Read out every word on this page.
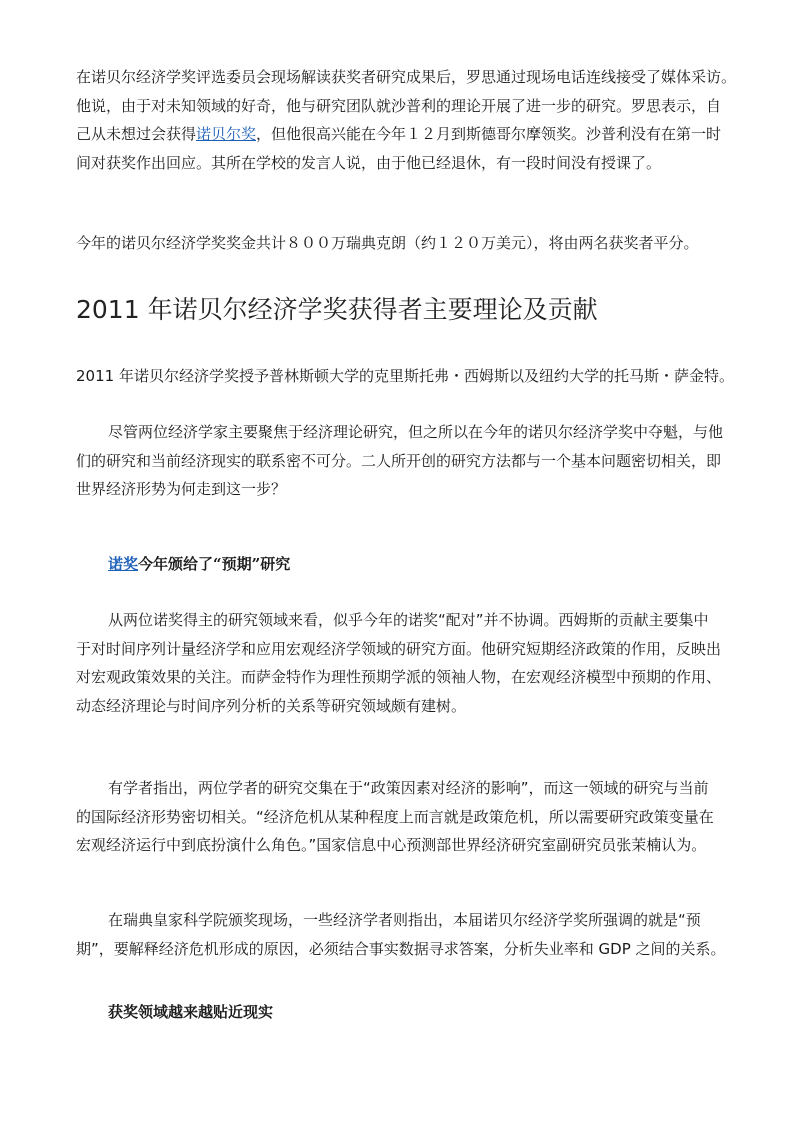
在诺贝尔经济学奖评选委员会现场解读获奖者研究成果后，罗思通过现场电话连线接受了媒体采访。
他说，由于对未知领域的好奇，他与研究团队就沙普利的理论开展了进一步的研究。罗思表示，自
己从未想过会获得诺贝尔奖，但他很高兴能在今年１２月到斯德哥尔摩领奖。沙普利没有在第一时
间对获奖作出回应。其所在学校的发言人说，由于他已经退休，有一段时间没有授课了。

今年的诺贝尔经济学奖奖金共计８００万瑞典克朗（约１２０万美元），将由两名获奖者平分。

2011 年诺贝尔经济学奖获得者主要理论及贡献

2011 年诺贝尔经济学奖授予普林斯顿大学的克里斯托弗・西姆斯以及纽约大学的托马斯・萨金特。

尽管两位经济学家主要聚焦于经济理论研究，但之所以在今年的诺贝尔经济学奖中夺魁，与他
们的研究和当前经济现实的联系密不可分。二人所开创的研究方法都与一个基本问题密切相关，即
世界经济形势为何走到这一步？
诺奖今年颁给了“预期”研究
从两位诺奖得主的研究领域来看，似乎今年的诺奖“配对”并不协调。西姆斯的贡献主要集中
于对时间序列计量经济学和应用宏观经济学领域的研究方面。他研究短期经济政策的作用，反映出
对宏观政策效果的关注。而萨金特作为理性预期学派的领袖人物，在宏观经济模型中预期的作用、
动态经济理论与时间序列分析的关系等研究领域颇有建树。
有学者指出，两位学者的研究交集在于“政策因素对经济的影响”，而这一领域的研究与当前
的国际经济形势密切相关。“经济危机从某种程度上而言就是政策危机，所以需要研究政策变量在
宏观经济运行中到底扮演什么角色。”国家信息中心预测部世界经济研究室副研究员张茉楠认为。
在瑞典皇家科学院颁奖现场，一些经济学者则指出，本届诺贝尔经济学奖所强调的就是“预
期”，要解释经济危机形成的原因，必须结合事实数据寻求答案，分析失业率和 GDP 之间的关系。
获奖领域越来越贴近现实
